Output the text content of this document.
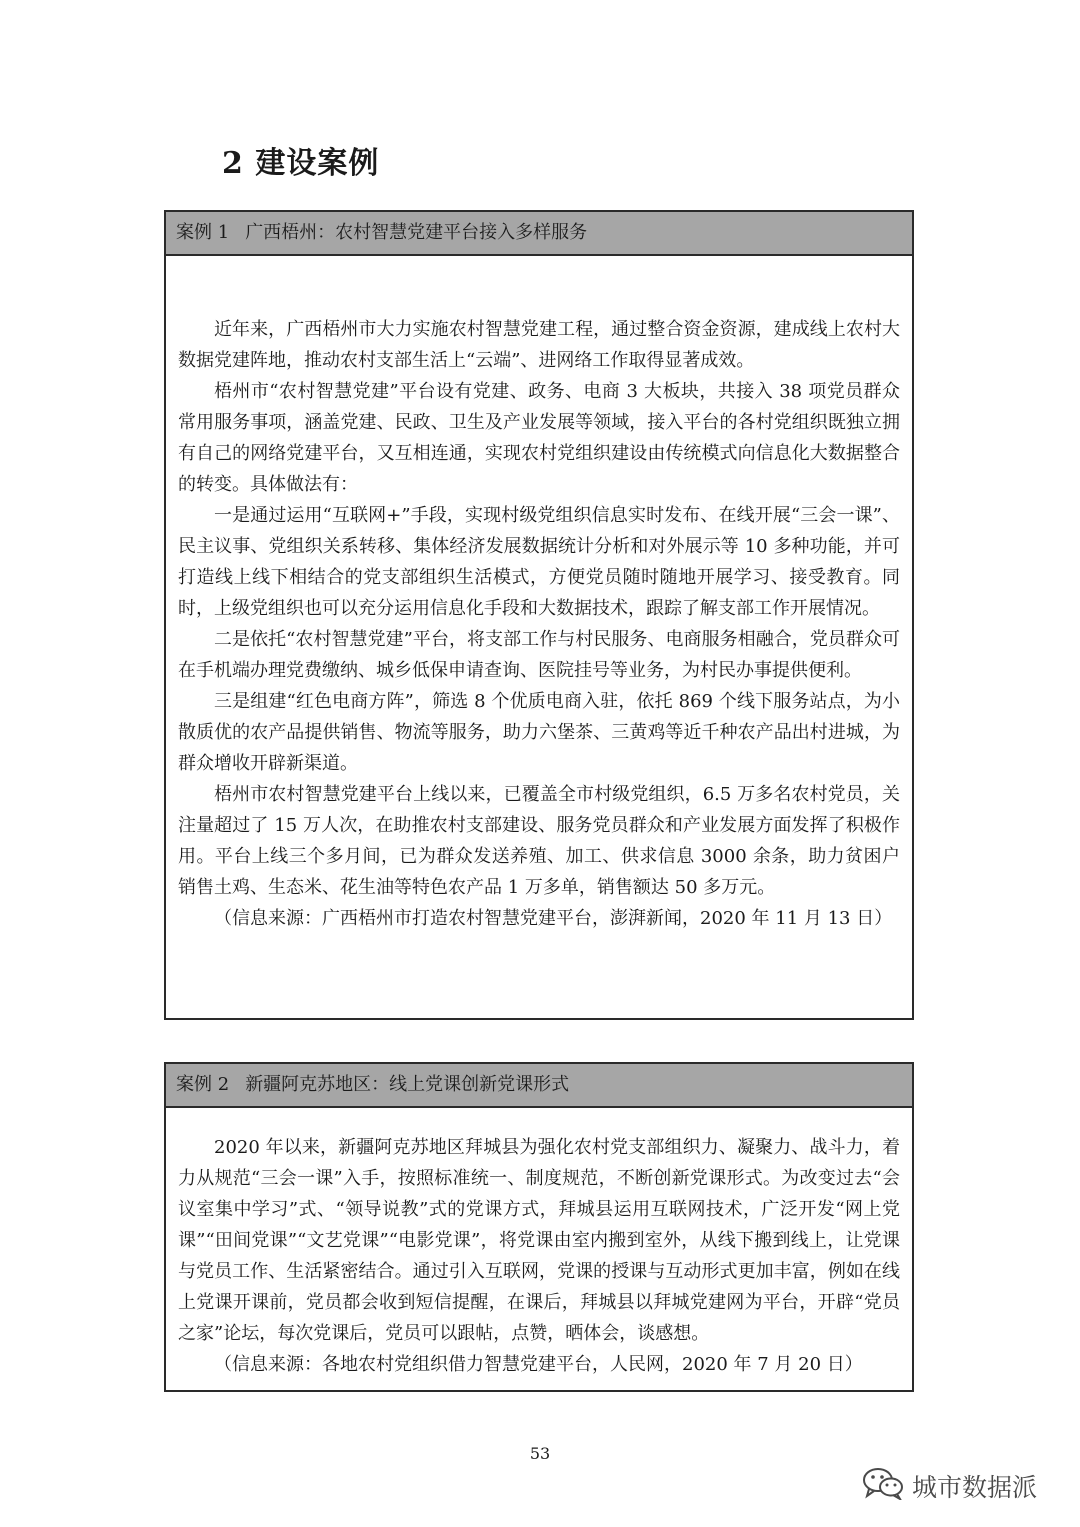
2 建设案例
案例 1 广西梧州：农村智慧党建平台接入多样服务

近年来，广西梧州市大力实施农村智慧党建工程，通过整合资金资源，建成线上农村大数据党建阵地，推动农村支部生活上“云端”、进网络工作取得显著成效。

梧州市“农村智慧党建”平台设有党建、政务、电商 3 大板块，共接入 38 项党员群众常用服务事项，涵盖党建、民政、卫生及产业发展等领域，接入平台的各村党组织既独立拥有自己的网络党建平台，又互相连通，实现农村党组织建设由传统模式向信息化大数据整合的转变。具体做法有：

一是通过运用“互联网+”手段，实现村级党组织信息实时发布、在线开展“三会一课”、民主议事、党组织关系转移、集体经济发展数据统计分析和对外展示等 10 多种功能，并可打造线上线下相结合的党支部组织生活模式，方便党员随时随地开展学习、接受教育。同时，上级党组织也可以充分运用信息化手段和大数据技术，跟踪了解支部工作开展情况。

二是依托“农村智慧党建”平台，将支部工作与村民服务、电商服务相融合，党员群众可在手机端办理党费缴纳、城乡低保申请查询、医院挂号等业务，为村民办事提供便利。

三是组建“红色电商方阵”，筛选 8 个优质电商入驻，依托 869 个线下服务站点，为小散质优的农产品提供销售、物流等服务，助力六堡茶、三黄鸡等近千种农产品出村进城，为群众增收开辟新渠道。

梧州市农村智慧党建平台上线以来，已覆盖全市村级党组织，6.5 万多名农村党员，关注量超过了 15 万人次，在助推农村支部建设、服务党员群众和产业发展方面发挥了积极作用。平台上线三个多月间，已为群众发送养殖、加工、供求信息 3000 余条，助力贫困户销售土鸡、生态米、花生油等特色农产品 1 万多单，销售额达 50 多万元。

（信息来源：广西梧州市打造农村智慧党建平台，澎湃新闻，2020 年 11 月 13 日）

案例 2 新疆阿克苏地区：线上党课创新党课形式

2020 年以来，新疆阿克苏地区拜城县为强化农村党支部组织力、凝聚力、战斗力，着力从规范“三会一课”入手，按照标准统一、制度规范，不断创新党课形式。为改变过去“会议室集中学习”式、“领导说教”式的党课方式，拜城县运用互联网技术，广泛开发“网上党课”“田间党课”“文艺党课”“电影党课”，将党课由室内搬到室外，从线下搬到线上，让党课与党员工作、生活紧密结合。通过引入互联网，党课的授课与互动形式更加丰富，例如在线上党课开课前，党员都会收到短信提醒，在课后，拜城县以拜城党建网为平台，开辟“党员之家”论坛，每次党课后，党员可以跟帖，点赞，晒体会，谈感想。

（信息来源：各地农村党组织借力智慧党建平台，人民网，2020 年 7 月 20 日）

53
城市数据派
